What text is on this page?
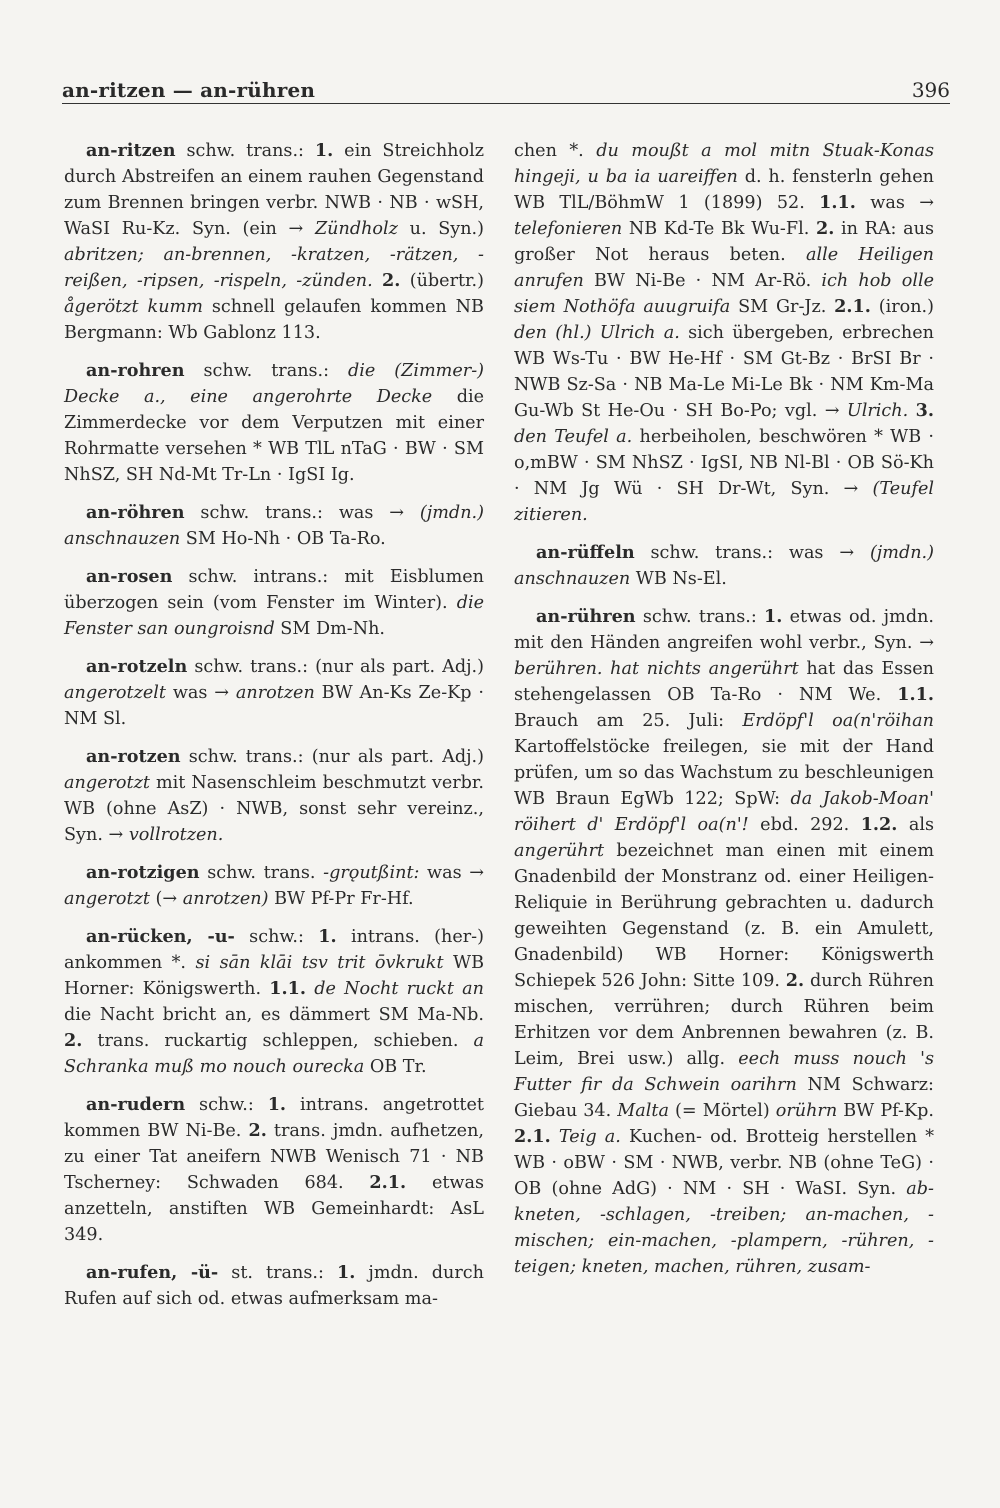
an-ritzen — an-rühren	396

an-ritzen schw. trans.: 1. ein Streichholz durch Abstreifen an einem rauhen Gegenstand zum Brennen bringen verbr. NWB · NB · wSH, WaSI Ru-Kz. Syn. (ein → Zündholz u. Syn.) abritzen; an-brennen, -kratzen, -rätzen, -reißen, -ripsen, -rispeln, -zünden. 2. (übertr.) ågerötzt kumm schnell gelaufen kommen NB Bergmann: Wb Gablonz 113.

an-rohren schw. trans.: die (Zimmer-) Decke a., eine angerohrte Decke die Zimmerdecke vor dem Verputzen mit einer Rohrmatte versehen * WB TlL nTaG · BW · SM NhSZ, SH Nd-Mt Tr-Ln · IgSI Ig.

an-röhren schw. trans.: was → (jmdn.) anschnauzen SM Ho-Nh · OB Ta-Ro.

an-rosen schw. intrans.: mit Eisblumen überzogen sein (vom Fenster im Winter). die Fenster san oungroisnd SM Dm-Nh.

an-rotzeln schw. trans.: (nur als part. Adj.) angerotzelt was → anrotzen BW An-Ks Ze-Kp · NM Sl.

an-rotzen schw. trans.: (nur als part. Adj.) angerotzt mit Nasenschleim beschmutzt verbr. WB (ohne AsZ) · NWB, sonst sehr vereinz., Syn. → vollrotzen.

an-rotzigen schw. trans. -grǫutßint: was → angerotzt (→ anrotzen) BW Pf-Pr Fr-Hf.

an-rücken, -u- schw.: 1. intrans. (her-) ankommen *. si sān klāi tsv trit ōvkrukt WB Horner: Königswerth. 1.1. de Nocht ruckt an die Nacht bricht an, es dämmert SM Ma-Nb. 2. trans. ruckartig schleppen, schieben. a Schranka muß mo nouch ourecka OB Tr.

an-rudern schw.: 1. intrans. angetrottet kommen BW Ni-Be. 2. trans. jmdn. aufhetzen, zu einer Tat aneifern NWB Wenisch 71 · NB Tscherney: Schwaden 684. 2.1. etwas anzetteln, anstiften WB Gemeinhardt: AsL 349.

an-rufen, -ü- st. trans.: 1. jmdn. durch Rufen auf sich od. etwas aufmerksam ma-

chen *. du moußt a mol mitn Stuak-Konas hingeji, u ba ia uareiffen d. h. fensterln gehen WB TlL/BöhmW 1 (1899) 52. 1.1. was → telefonieren NB Kd-Te Bk Wu-Fl. 2. in RA: aus großer Not heraus beten. alle Heiligen anrufen BW Ni-Be · NM Ar-Rö. ich hob olle siem Nothöfa auugruifa SM Gr-Jz. 2.1. (iron.) den (hl.) Ulrich a. sich übergeben, erbrechen WB Ws-Tu · BW He-Hf · SM Gt-Bz · BrSI Br · NWB Sz-Sa · NB Ma-Le Mi-Le Bk · NM Km-Ma Gu-Wb St He-Ou · SH Bo-Po; vgl. → Ulrich. 3. den Teufel a. herbeiholen, beschwören * WB · o,mBW · SM NhSZ · IgSI, NB Nl-Bl · OB Sö-Kh · NM Jg Wü · SH Dr-Wt, Syn. → (Teufel zitieren.

an-rüffeln schw. trans.: was → (jmdn.) anschnauzen WB Ns-El.

an-rühren schw. trans.: 1. etwas od. jmdn. mit den Händen angreifen wohl verbr., Syn. → berühren. hat nichts angerührt hat das Essen stehengelassen OB Ta-Ro · NM We. 1.1. Brauch am 25. Juli: Erdöpf'l oa(n'röihan Kartoffelstöcke freilegen, sie mit der Hand prüfen, um so das Wachstum zu beschleunigen WB Braun EgWb 122; SpW: da Jakob-Moan' röihert d' Erdöpf'l oa(n'! ebd. 292. 1.2. als angerührt bezeichnet man einen mit einem Gnadenbild der Monstranz od. einer Heiligen-Reliquie in Berührung gebrachten u. dadurch geweihten Gegenstand (z. B. ein Amulett, Gnadenbild) WB Horner: Königswerth Schiepek 526 John: Sitte 109. 2. durch Rühren mischen, verrühren; durch Rühren beim Erhitzen vor dem Anbrennen bewahren (z. B. Leim, Brei usw.) allg. eech muss nouch 's Futter fir da Schwein oarihrn NM Schwarz: Giebau 34. Malta (= Mörtel) orührn BW Pf-Kp. 2.1. Teig a. Kuchen- od. Brotteig herstellen * WB · oBW · SM · NWB, verbr. NB (ohne TeG) · OB (ohne AdG) · NM · SH · WaSI. Syn. ab-kneten, -schlagen, -treiben; an-machen, -mischen; ein-machen, -plampern, -rühren, -teigen; kneten, machen, rühren, zusam-
